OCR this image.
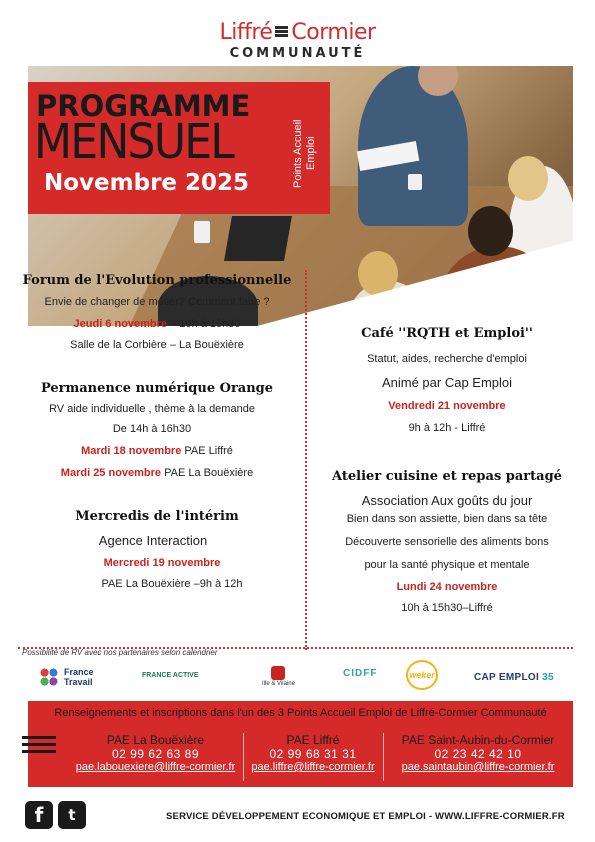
Liffré Cormier
COMMUNAUTÉ
PROGRAMME
MENSUEL	Points Accueil Emploi
Novembre 2025
Forum de l'Evolution professionnelle
Envie de changer de métier? Comment faire ?
Jeudi 6 novembre – 16h à 19h30
Salle de la Corbière – La Bouëxière
Permanence numérique Orange
RV aide individuelle , thème à la demande
De 14h à 16h30
Mardi 18 novembre PAE Liffré
Mardi 25 novembre PAE La Bouëxière
Mercredis de l'intérim
Agence Interaction
Mercredi 19 novembre
PAE La Bouëxière –9h à 12h
Café ''RQTH et Emploi''
Statut, aides, recherche d'emploi
Animé par Cap Emploi
Vendredi 21 novembre
9h à 12h - Liffré
Atelier cuisine et repas partagé
Association Aux goûts du jour
Bien dans son assiette, bien dans sa tête
Découverte sensorielle des aliments bons
pour la santé physique et mentale
Lundi 24 novembre
10h à 15h30–Liffré
Possibilité de RV avec nos partenaires selon calendrier
France
Travail
FRANCE ACTIVE
Ille & Vilaine
CIDFF	weker	CAP EMPLOI 35
Renseignements et inscriptions dans l'un des 3 Points Accueil Emploi de Liffré-Cormier Communauté
PAE La Bouëxière
02 99 62 63 89
pae.labouexiere@liffre-cormier.fr
PAE Liffré
02 99 68 31 31
pae.liffre@liffre-cormier.fr
PAE Saint-Aubin-du-Cormier
02 23 42 42 10
pae.saintaubin@liffre-cormier.fr
f	t	SERVICE DÉVELOPPEMENT ECONOMIQUE ET EMPLOI - WWW.LIFFRE-CORMIER.FR
